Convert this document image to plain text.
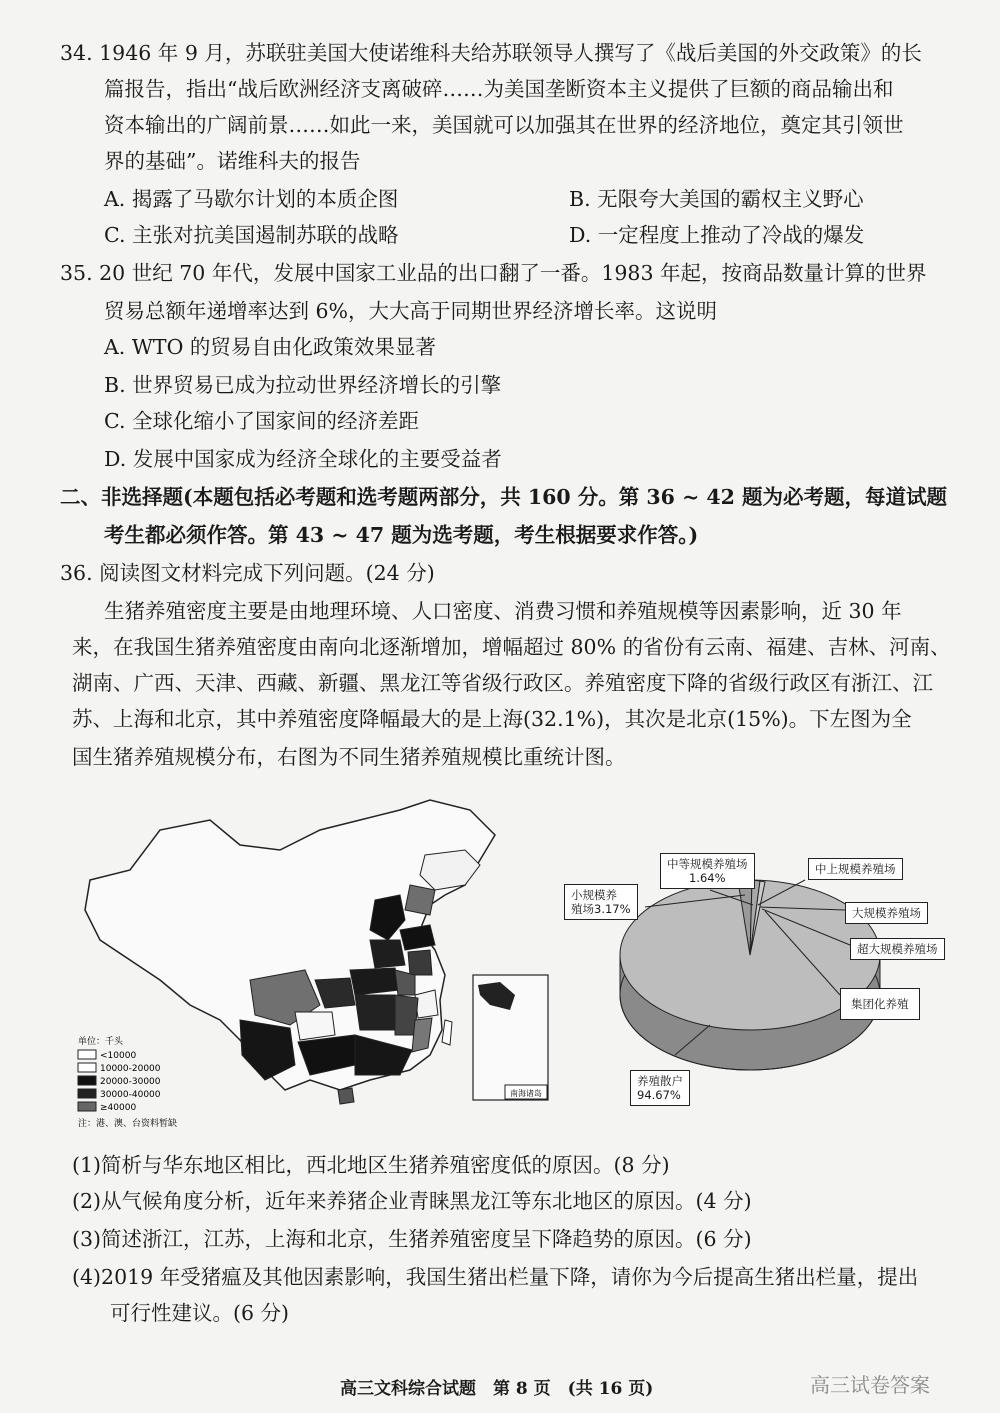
34. 1946 年 9 月，苏联驻美国大使诺维科夫给苏联领导人撰写了《战后美国的外交政策》的长
篇报告，指出“战后欧洲经济支离破碎……为美国垄断资本主义提供了巨额的商品输出和
资本输出的广阔前景……如此一来，美国就可以加强其在世界的经济地位，奠定其引领世
界的基础”。诺维科夫的报告
A. 揭露了马歇尔计划的本质企图	B. 无限夸大美国的霸权主义野心
C. 主张对抗美国遏制苏联的战略	D. 一定程度上推动了冷战的爆发
35. 20 世纪 70 年代，发展中国家工业品的出口翻了一番。1983 年起，按商品数量计算的世界
贸易总额年递增率达到 6%，大大高于同期世界经济增长率。这说明
A. WTO 的贸易自由化政策效果显著
B. 世界贸易已成为拉动世界经济增长的引擎
C. 全球化缩小了国家间的经济差距
D. 发展中国家成为经济全球化的主要受益者
二、非选择题(本题包括必考题和选考题两部分，共 160 分。第 36 ~ 42 题为必考题，每道试题
考生都必须作答。第 43 ~ 47 题为选考题，考生根据要求作答。)
36. 阅读图文材料完成下列问题。(24 分)
生猪养殖密度主要是由地理环境、人口密度、消费习惯和养殖规模等因素影响，近 30 年
来，在我国生猪养殖密度由南向北逐渐增加，增幅超过 80% 的省份有云南、福建、吉林、河南、
湖南、广西、天津、西藏、新疆、黑龙江等省级行政区。养殖密度下降的省级行政区有浙江、江
苏、上海和北京，其中养殖密度降幅最大的是上海(32.1%)，其次是北京(15%)。下左图为全
国生猪养殖规模分布，右图为不同生猪养殖规模比重统计图。
南海诸岛
单位：千头
<10000
10000-20000
20000-30000
30000-40000
≥40000
注：港、澳、台资料暂缺
中等规模养殖场
1.64%
中上规模养殖场
小规模养
殖场3.17%	大规模养殖场
超大规模养殖场
集团化养殖
养殖散户
94.67%
(1)简析与华东地区相比，西北地区生猪养殖密度低的原因。(8 分)
(2)从气候角度分析，近年来养猪企业青睐黑龙江等东北地区的原因。(4 分)
(3)简述浙江，江苏，上海和北京，生猪养殖密度呈下降趋势的原因。(6 分)
(4)2019 年受猪瘟及其他因素影响，我国生猪出栏量下降，请你为今后提高生猪出栏量，提出
可行性建议。(6 分)
高三文科综合试题　第 8 页　(共 16 页)	高三试卷答案
